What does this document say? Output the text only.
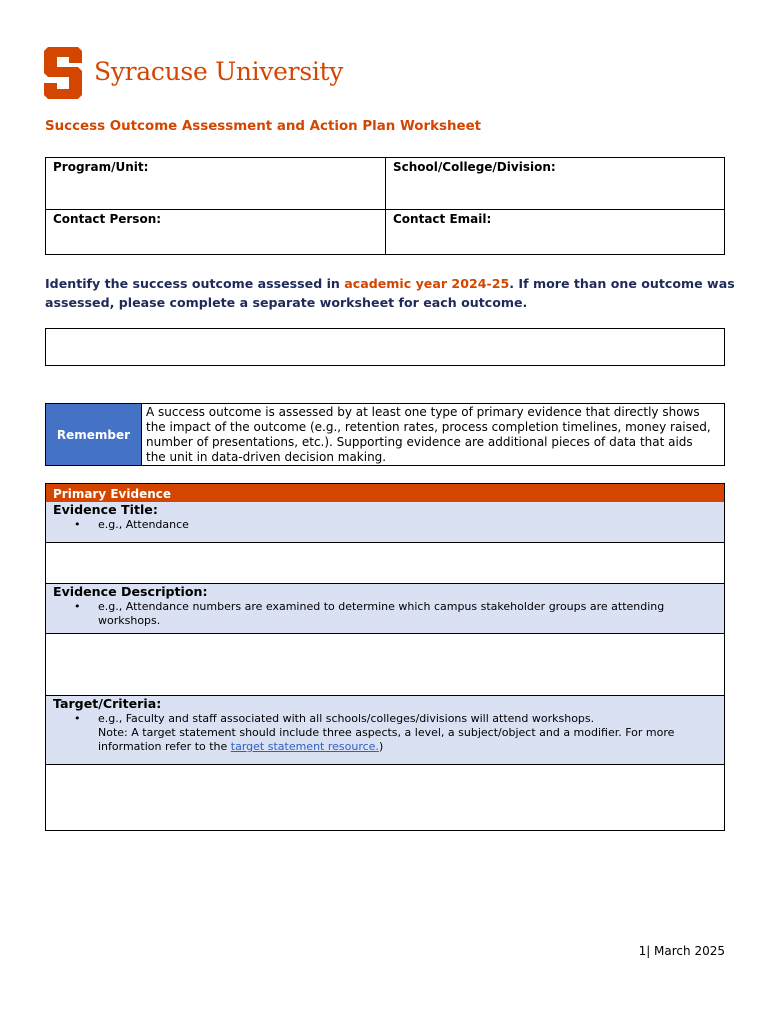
Syracuse University
Success Outcome Assessment and Action Plan Worksheet
Program/Unit:	School/College/Division:
Contact Person:	Contact Email:
Identify the success outcome assessed in academic year 2024-25. If more than one outcome was assessed, please complete a separate worksheet for each outcome.
Remember
A success outcome is assessed by at least one type of primary evidence that directly shows the impact of the outcome (e.g., retention rates, process completion timelines, money raised, number of presentations, etc.). Supporting evidence are additional pieces of data that aids the unit in data-driven decision making.
Primary Evidence
Evidence Title:
• e.g., Attendance
Evidence Description:
• e.g., Attendance numbers are examined to determine which campus stakeholder groups are attending workshops.
Target/Criteria:
• e.g., Faculty and staff associated with all schools/colleges/divisions will attend workshops.
Note: A target statement should include three aspects, a level, a subject/object and a modifier. For more information refer to the target statement resource.)
1| March 2025
